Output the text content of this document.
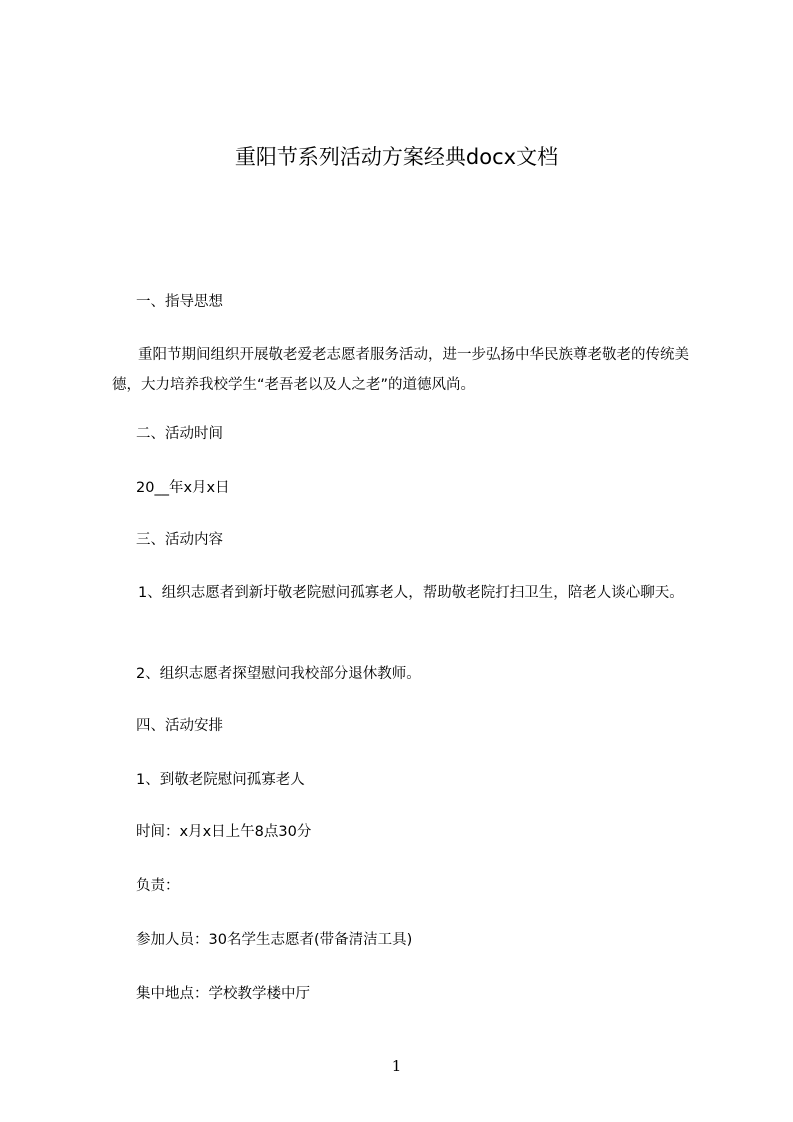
重阳节系列活动方案经典docx文档
一、指导思想
重阳节期间组织开展敬老爱老志愿者服务活动，进一步弘扬中华民族尊老敬老的传统美德，大力培养我校学生“老吾老以及人之老”的道德风尚。
二、活动时间
20__年x月x日
三、活动内容
1、组织志愿者到新圩敬老院慰问孤寡老人，帮助敬老院打扫卫生，陪老人谈心聊天。
2、组织志愿者探望慰问我校部分退休教师。
四、活动安排
1、到敬老院慰问孤寡老人
时间：x月x日上午8点30分
负责：
参加人员：30名学生志愿者(带备清洁工具)
集中地点：学校教学楼中厅
1
